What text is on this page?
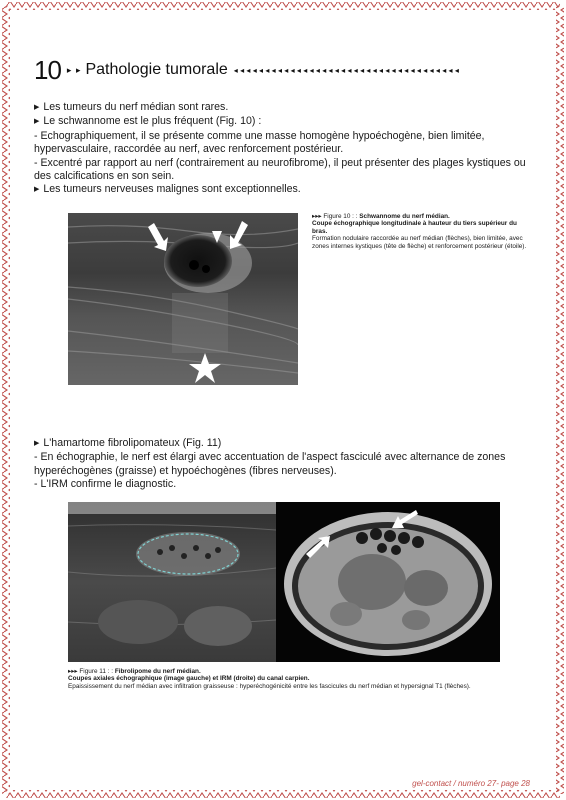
10 ▸ ▸ Pathologie tumorale ◂◂◂◂◂◂◂◂◂◂◂◂◂◂◂◂◂◂◂◂◂◂◂◂◂◂◂◂◂◂◂◂◂◂◂◂

▶ Les tumeurs du nerf médian sont rares.

▶ Le schwannome est le plus fréquent (Fig. 10) :

- Echographiquement, il se présente comme une masse homogène hypoéchogène, bien limitée, hypervasculaire, raccordée au nerf, avec renforcement postérieur.

- Excentré par rapport au nerf (contrairement au neurofibrome), il peut présenter des plages kystiques ou des calcifications en son sein.

▶ Les tumeurs nerveuses malignes sont exceptionnelles.

▸▸▸ Figure 10 : : Schwannome du nerf médian.
Coupe échographique longitudinale à hauteur du tiers supérieur du bras.
Formation nodulaire raccordée au nerf médian (flèches), bien limitée, avec zones internes kystiques (tête de flèche) et renforcement postérieur (étoile).

▶ L'hamartome fibrolipomateux (Fig. 11)

- En échographie, le nerf est élargi avec accentuation de l'aspect fasciculé avec alternance de zones hyperéchogènes (graisse) et hypoéchogènes (fibres nerveuses).

- L'IRM confirme le diagnostic.

▸▸▸ Figure 11 : : Fibrolipome du nerf médian.
Coupes axiales échographique (image gauche) et IRM (droite) du canal carpien.
Epaississement du nerf médian avec infiltration graisseuse : hyperéchogénicité entre les fascicules du nerf médian et hypersignal T1 (flèches).
gel-contact / numéro 27- page 28
